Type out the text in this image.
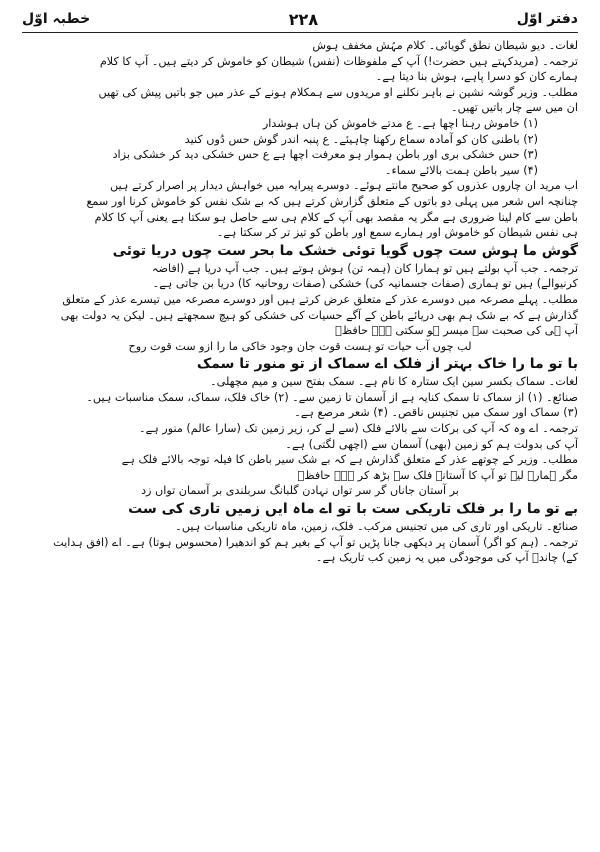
خطبہ اوّل	۲۲۸	دفتر اوّل
لغات۔ دیو شیطان نطق گویائی۔ کلام مہُش مخفف ہوش
ترجمہ۔ (مریدکہتے ہیں حضرت!) آپ کے ملفوظات (نفس) شیطان کو خاموش کر دیتے ہیں۔ آپ کا کلام
ہمارے کان کو دسرا پاہے، ہوش بنا دیتا ہے۔
مطلب۔ وزیر گوشہ نشین نے باہر نکلنے او مریدوں سے ہمکلام ہونے کے عذر میں جو باتیں پیش کی تھیں
ان میں سے چار باتیں تھیں۔
(۱) خاموش رہنا اچھا ہے۔ ع مدتے خاموش کن ہاں ہوشدار
(۲) باطنی کان کو آمادہ سماع رکھنا چاہیئے۔ ع پنبہ اندر گوش حس دُوں کنید
(۳) حس خشکی بری اور باطن ہموار ہو معرفت اچھا ہے ع حس خشکی دید کر خشکی بزاد
(۴) سیر باطن ہمت بالائے سماء۔
اب مرید ان چاروں عذروں کو صحیح مانتے ہوئے۔ دوسرے پیرایہ میں خواہش دیدار پر اصرار کرتے ہیں
چنانچہ اس شعر میں پہلی دو باتوں کے متعلق گزارش کرتے ہیں کہ بے شک نفس کو خاموش کرنا اور سمع
باطن سے کام لینا ضروری ہے مگر یہ مقصد بھی آپ کے کلام ہی سے حاصل ہو سکتا ہے یعنی آپ کا کلام
ہی نفس شیطان کو خاموش اور ہمارے سمع اور باطن کو تیز تر کر سکتا ہے۔
گوش ما ہوش ست چوں گویا توئی خشک ما بحر ست چوں دریا توئی
ترجمہ۔ جب آپ بولتے ہیں تو ہمارا کان (ہمہ تن) ہوش ہوتے ہیں۔ جب آپ دریا ہے (افاضہ
کرنیوالے) ہیں تو ہماری (صفات جسمانیہ کی) خشکی (صفات روحانیہ کا) دریا بن جاتی ہے۔
مطلب۔ پہلے مصرعہ میں دوسرے عذر کے متعلق عرض کرتے ہیں اور دوسرے مصرعہ میں تیسرے عذر کے متعلق
گذارش ہے کہ بے شک ہم بھی دریائے باطن کے آگے حسیات کی خشکی کو ہیچ سمجھتے ہیں۔ لیکن یہ دولت بھی
آپ ہی کی صحبت سے میسر ہو سکتی ہے۔ حافظؒ
لب چوں آب حیات تو ہست قوت جان وجود خاکی ما را ازو ست قوت روح
با تو ما را خاک بہتر از فلک اے سماک از تو منور تا سمک
لغات۔ سماک بکسر سین ایک ستارہ کا نام ہے۔ سمک بفتح سین و میم مچھلی۔
صنائع۔ (۱) از سماک تا سمک کنایہ ہے از آسمان تا زمین سے۔ (۲) خاک فلک، سماک، سمک مناسبات ہیں۔
(۳) سماک اور سمک میں تجنیس ناقص۔ (۴) شعر مرصع ہے۔
ترجمہ۔ اے وہ کہ آپ کی برکات سے بالائے فلک (سے لے کر، زیر زمین تک (سارا عالم) منور ہے۔
آپ کی بدولت ہم کو زمین (بھی) آسمان سے (اچھی لگتی) ہے۔
مطلب۔ وزیر کے چوتھے عذر کے متعلق گذارش ہے کہ بے شک سیر باطن کا فیلہ توجہ بالائے فلک ہے
مگر ہمارے لیے تو آپ کا آستانہ فلک سے بڑھ کر ہے۔ حافظؒ
بر آستان جاناں گر سر تواں نہادن گلبانگ سربلندی بر آسمان تواں زد
بے تو ما را بر فلک تاریکی ست با تو اے ماہ ایں زمیں تاری کی ست
صنائع۔ تاریکی اور تاری کی میں تجنیس مرکب۔ فلک، زمین، ماہ تاریکی مناسبات ہیں۔
ترجمہ۔ (ہم کو اگر) آسمان پر دیکھی جانا پڑیں تو آپ کے بغیر ہم کو اندھیرا (محسوس ہوتا) ہے۔ اے (افق ہدایت
کے) چاندؒ آپ کی موجودگی میں یہ زمین کب تاریک ہے۔
